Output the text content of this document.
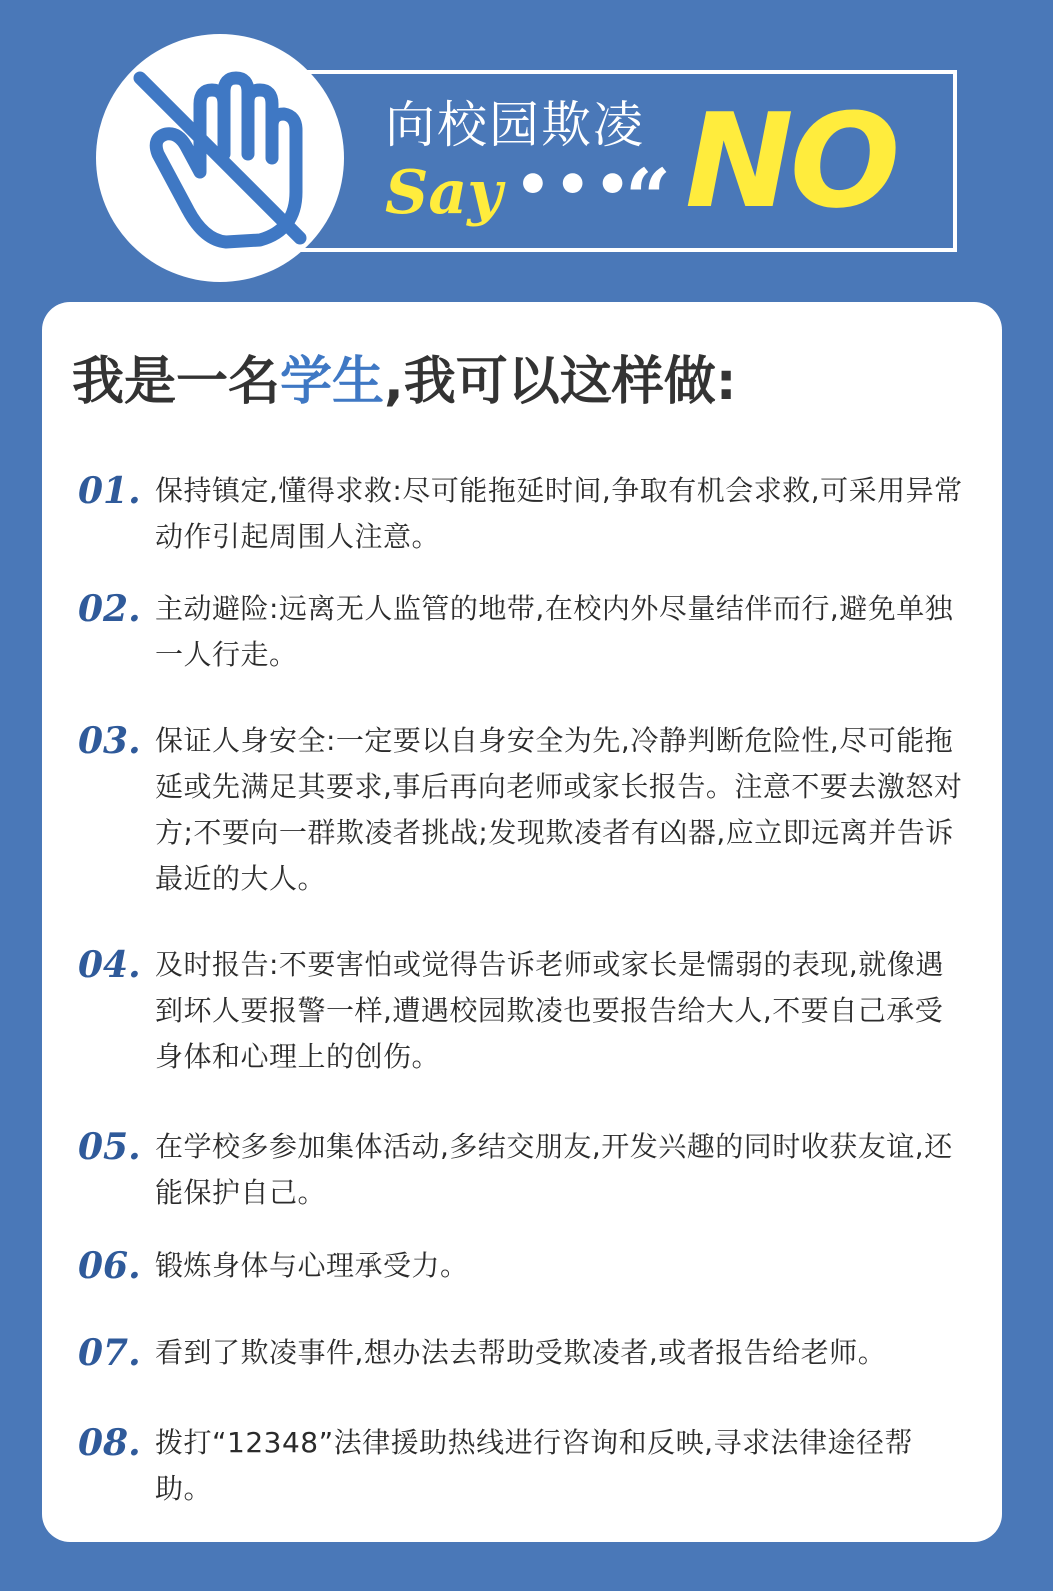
向校园欺凌
Say •••
“ NO
我是一名学生,我可以这样做:
01. 保持镇定,懂得求救:尽可能拖延时间,争取有机会求救,可采用异常动作引起周围人注意。
02. 主动避险:远离无人监管的地带,在校内外尽量结伴而行,避免单独一人行走。
03. 保证人身安全:一定要以自身安全为先,冷静判断危险性,尽可能拖延或先满足其要求,事后再向老师或家长报告。注意不要去激怒对方;不要向一群欺凌者挑战;发现欺凌者有凶器,应立即远离并告诉最近的大人。
04. 及时报告:不要害怕或觉得告诉老师或家长是懦弱的表现,就像遇到坏人要报警一样,遭遇校园欺凌也要报告给大人,不要自己承受身体和心理上的创伤。
05. 在学校多参加集体活动,多结交朋友,开发兴趣的同时收获友谊,还能保护自己。
06. 锻炼身体与心理承受力。
07. 看到了欺凌事件,想办法去帮助受欺凌者,或者报告给老师。
08. 拨打“12348”法律援助热线进行咨询和反映,寻求法律途径帮助。
